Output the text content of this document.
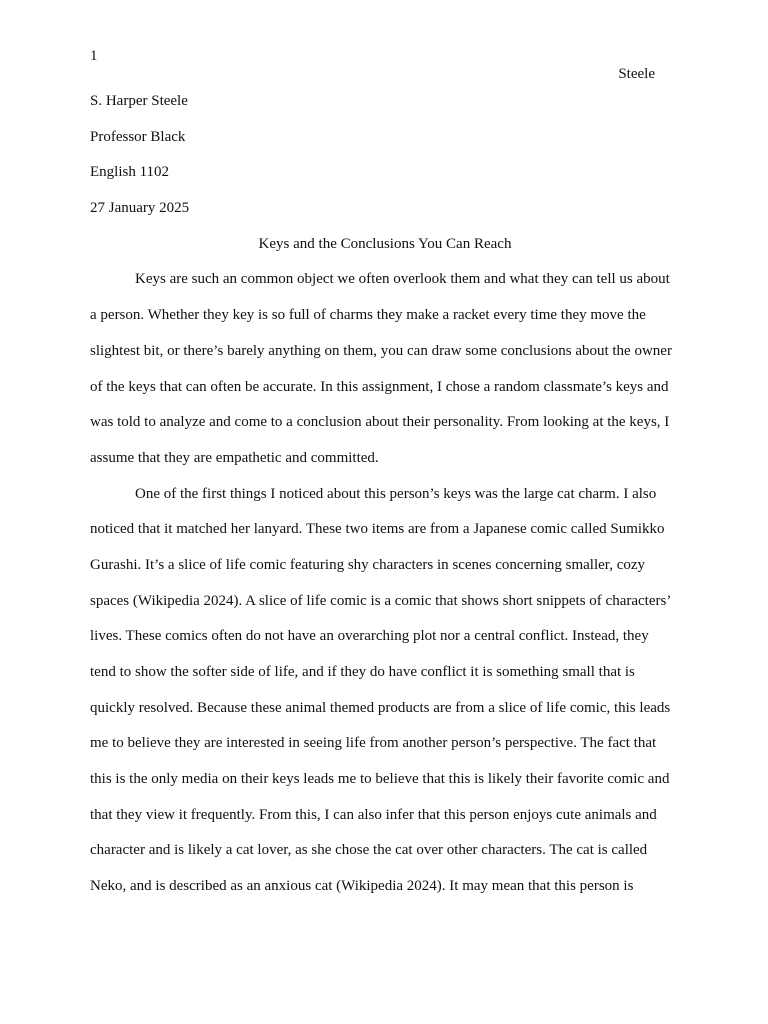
1
Steele
S. Harper Steele
Professor Black
English 1102
27 January 2025
Keys and the Conclusions You Can Reach
Keys are such an common object we often overlook them and what they can tell us about
a person. Whether they key is so full of charms they make a racket every time they move the
slightest bit, or there’s barely anything on them, you can draw some conclusions about the owner
of the keys that can often be accurate. In this assignment, I chose a random classmate’s keys and
was told to analyze and come to a conclusion about their personality. From looking at the keys, I
assume that they are empathetic and committed.
One of the first things I noticed about this person’s keys was the large cat charm. I also
noticed that it matched her lanyard. These two items are from a Japanese comic called Sumikko
Gurashi. It’s a slice of life comic featuring shy characters in scenes concerning smaller, cozy
spaces (Wikipedia 2024). A slice of life comic is a comic that shows short snippets of characters’
lives. These comics often do not have an overarching plot nor a central conflict. Instead, they
tend to show the softer side of life, and if they do have conflict it is something small that is
quickly resolved. Because these animal themed products are from a slice of life comic, this leads
me to believe they are interested in seeing life from another person’s perspective. The fact that
this is the only media on their keys leads me to believe that this is likely their favorite comic and
that they view it frequently. From this, I can also infer that this person enjoys cute animals and
character and is likely a cat lover, as she chose the cat over other characters. The cat is called
Neko, and is described as an anxious cat (Wikipedia 2024). It may mean that this person is
